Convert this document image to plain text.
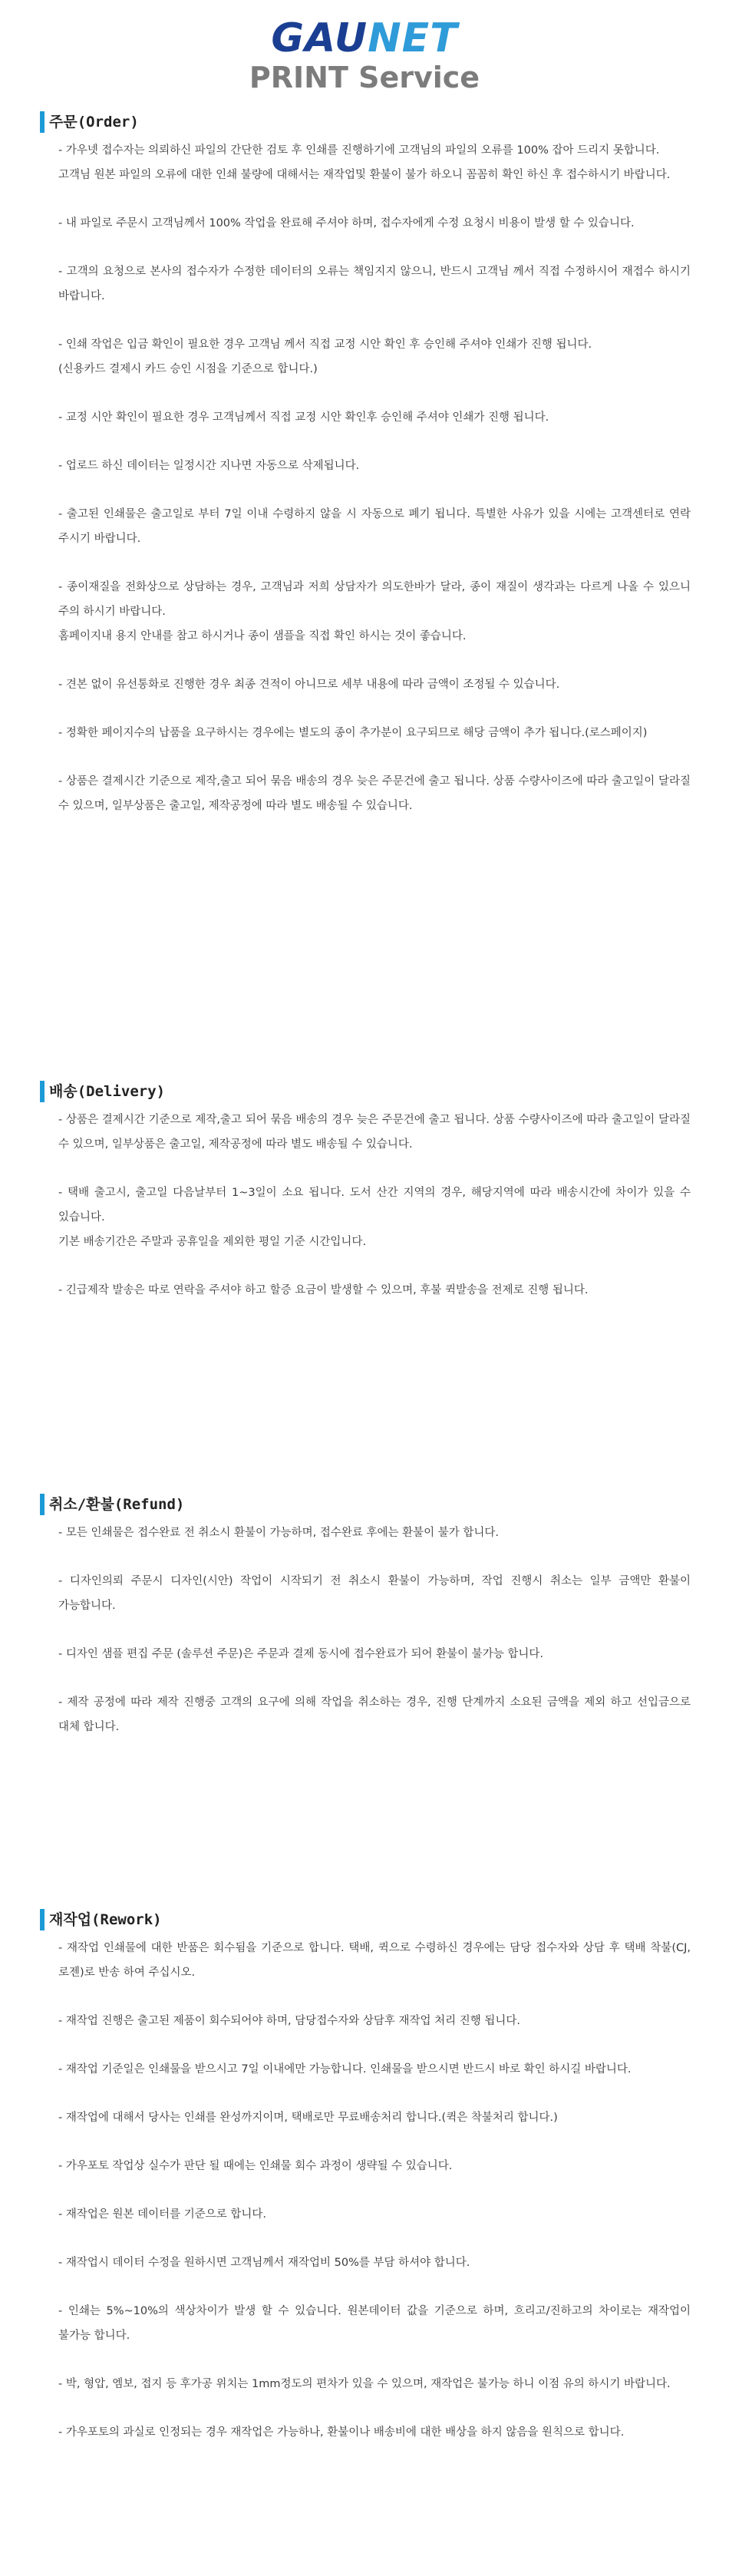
GAUNET
PRINT Service
주문(Order)

- 가우넷 접수자는 의뢰하신 파일의 간단한 검토 후 인쇄를 진행하기에 고객님의 파일의 오류를 100% 잡아 드리지 못합니다.
고객님 원본 파일의 오류에 대한 인쇄 불량에 대해서는 재작업및 환불이 불가 하오니 꼼꼼히 확인 하신 후 접수하시기 바랍니다.

- 내 파일로 주문시 고객님께서 100% 작업을 완료해 주셔야 하며, 접수자에게 수정 요청시 비용이 발생 할 수 있습니다.

- 고객의 요청으로 본사의 접수자가 수정한 데이터의 오류는 책임지지 않으니, 반드시 고객님 께서 직접 수정하시어 재접수 하시기 바랍니다.

- 인쇄 작업은 입금 확인이 필요한 경우 고객님 께서 직접 교정 시안 확인 후 승인해 주셔야 인쇄가 진행 됩니다.
(신용카드 결제시 카드 승인 시점을 기준으로 합니다.)

- 교정 시안 확인이 필요한 경우 고객님께서 직접 교정 시안 확인후 승인해 주셔야 인쇄가 진행 됩니다.

- 업로드 하신 데이터는 일정시간 지나면 자동으로 삭제됩니다.

- 출고된 인쇄물은 출고일로 부터 7일 이내 수령하지 않을 시 자동으로 폐기 됩니다. 특별한 사유가 있을 시에는 고객센터로 연락 주시기 바랍니다.

- 종이재질을 전화상으로 상담하는 경우, 고객님과 저희 상담자가 의도한바가 달라, 종이 재질이 생각과는 다르게 나올 수 있으니 주의 하시기 바랍니다.
홈페이지내 용지 안내를 참고 하시거나 종이 샘플을 직접 확인 하시는 것이 좋습니다.

- 견본 없이 유선통화로 진행한 경우 최종 견적이 아니므로 세부 내용에 따라 금액이 조정될 수 있습니다.

- 정확한 페이지수의 납품을 요구하시는 경우에는 별도의 종이 추가분이 요구되므로 해당 금액이 추가 됩니다.(로스페이지)

- 상품은 결제시간 기준으로 제작,출고 되어 묶음 배송의 경우 늦은 주문건에 출고 됩니다. 상품 수량사이즈에 따라 출고일이 달라질 수 있으며, 일부상품은 출고일, 제작공정에 따라 별도 배송될 수 있습니다.

배송(Delivery)

- 상품은 결제시간 기준으로 제작,출고 되어 묶음 배송의 경우 늦은 주문건에 출고 됩니다. 상품 수량사이즈에 따라 출고일이 달라질 수 있으며, 일부상품은 출고일, 제작공정에 따라 별도 배송될 수 있습니다.

- 택배 출고시, 출고일 다음날부터 1~3일이 소요 됩니다. 도서 산간 지역의 경우, 해당지역에 따라 배송시간에 차이가 있을 수 있습니다.
기본 배송기간은 주말과 공휴일을 제외한 평일 기준 시간입니다.

- 긴급제작 발송은 따로 연락을 주셔야 하고 할증 요금이 발생할 수 있으며, 후불 퀵발송을 전제로 진행 됩니다.

취소/환불(Refund)

- 모든 인쇄물은 접수완료 전 취소시 환불이 가능하며, 접수완료 후에는 환불이 불가 합니다.

- 디자인의뢰 주문시 디자인(시안) 작업이 시작되기 전 취소시 환불이 가능하며, 작업 진행시 취소는 일부 금액만 환불이 가능합니다.

- 디자인 샘플 편집 주문 (솔루션 주문)은 주문과 결제 동시에 접수완료가 되어 환불이 불가능 합니다.

- 제작 공정에 따라 제작 진행중 고객의 요구에 의해 작업을 취소하는 경우, 진행 단계까지 소요된 금액을 제외 하고 선입금으로 대체 합니다.

재작업(Rework)

- 재작업 인쇄물에 대한 반품은 회수됨을 기준으로 합니다. 택배, 퀵으로 수령하신 경우에는 담당 접수자와 상담 후 택배 착불(CJ,로젠)로 반송 하여 주십시오.

- 재작업 진행은 출고된 제품이 회수되어야 하며, 담당접수자와 상담후 재작업 처리 진행 됩니다.

- 재작업 기준일은 인쇄물을 받으시고 7일 이내에만 가능합니다. 인쇄물을 받으시면 반드시 바로 확인 하시길 바랍니다.

- 재작업에 대해서 당사는 인쇄를 완성까지이며, 택배로만 무료배송처리 합니다.(퀵은 착불처리 합니다.)

- 가우포토 작업상 실수가 판단 될 때에는 인쇄물 회수 과정이 생략될 수 있습니다.

- 재작업은 원본 데이터를 기준으로 합니다.

- 재작업시 데이터 수정을 원하시면 고객님께서 재작업비 50%를 부담 하셔야 합니다.

- 인쇄는 5%~10%의 색상차이가 발생 할 수 있습니다. 원본데이터 값을 기준으로 하며, 흐리고/진하고의 차이로는 재작업이 불가능 합니다.

- 박, 형압, 엠보, 접지 등 후가공 위치는 1mm정도의 편차가 있을 수 있으며, 재작업은 불가능 하니 이점 유의 하시기 바랍니다.

- 가우포토의 과실로 인정되는 경우 재작업은 가능하나, 환불이나 배송비에 대한 배상을 하지 않음을 원칙으로 합니다.
